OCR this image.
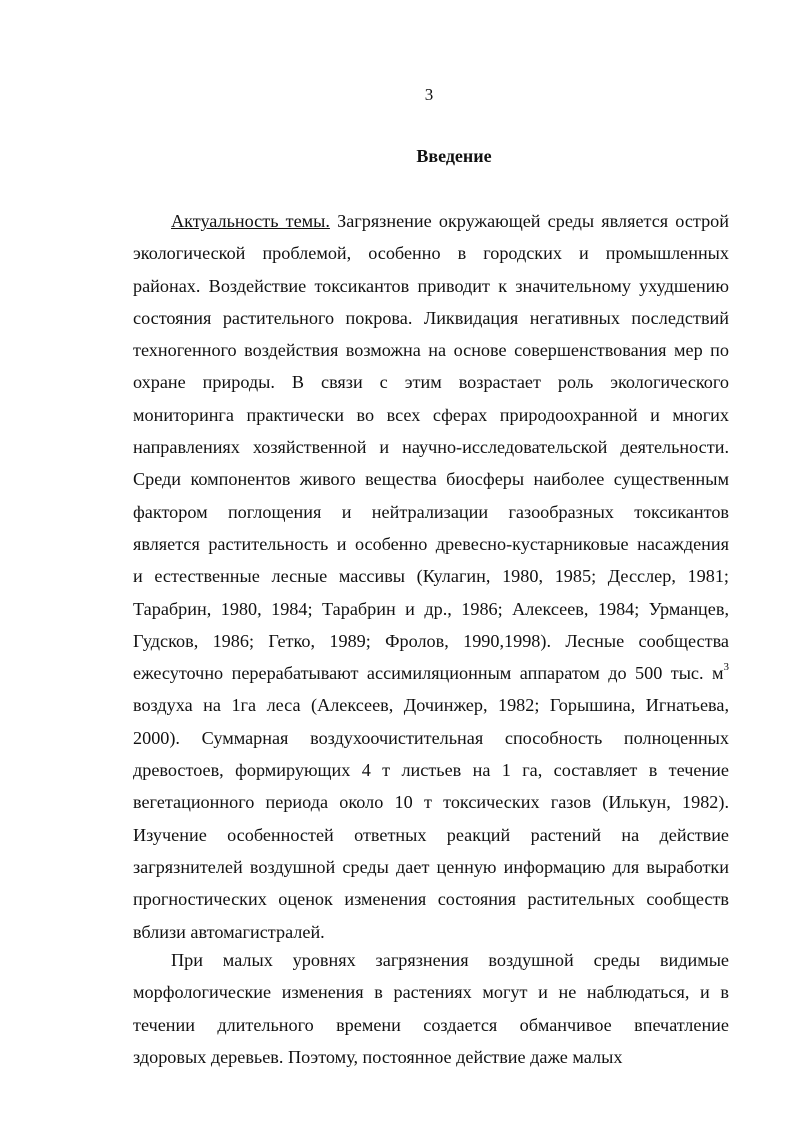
3
Введение
Актуальность темы. Загрязнение окружающей среды является острой
экологической проблемой, особенно в городских и промышленных
районах. Воздействие токсикантов приводит к значительному ухудшению
состояния растительного покрова. Ликвидация негативных последствий
техногенного воздействия возможна на основе совершенствования мер по
охране природы. В связи с этим возрастает роль экологического
мониторинга практически во всех сферах природоохранной и многих
направлениях хозяйственной и научно-исследовательской деятельности.
Среди компонентов живого вещества биосферы наиболее существенным
фактором поглощения и нейтрализации газообразных токсикантов
является растительность и особенно древесно-кустарниковые насаждения
и естественные лесные массивы (Кулагин, 1980, 1985; Десслер, 1981;
Тарабрин, 1980, 1984; Тарабрин и др., 1986; Алексеев, 1984; Урманцев,
Гудсков, 1986; Гетко, 1989; Фролов, 1990,1998). Лесные сообщества
ежесуточно перерабатывают ассимиляционным аппаратом до 500 тыс. $м^3$
воздуха на 1га леса (Алексеев, Дочинжер, 1982; Горышина, Игнатьева,
2000). Суммарная воздухоочистительная способность полноценных
древостоев, формирующих 4 т листьев на 1 га, составляет в течение
вегетационного периода около 10 т токсических газов (Илькун, 1982).
Изучение особенностей ответных реакций растений на действие
загрязнителей воздушной среды дает ценную информацию для выработки
прогностических оценок изменения состояния растительных сообществ
вблизи автомагистралей.
При малых уровнях загрязнения воздушной среды видимые
морфологические изменения в растениях могут и не наблюдаться, и в
течении длительного времени создается обманчивое впечатление
здоровых деревьев. Поэтому, постоянное действие даже малых
